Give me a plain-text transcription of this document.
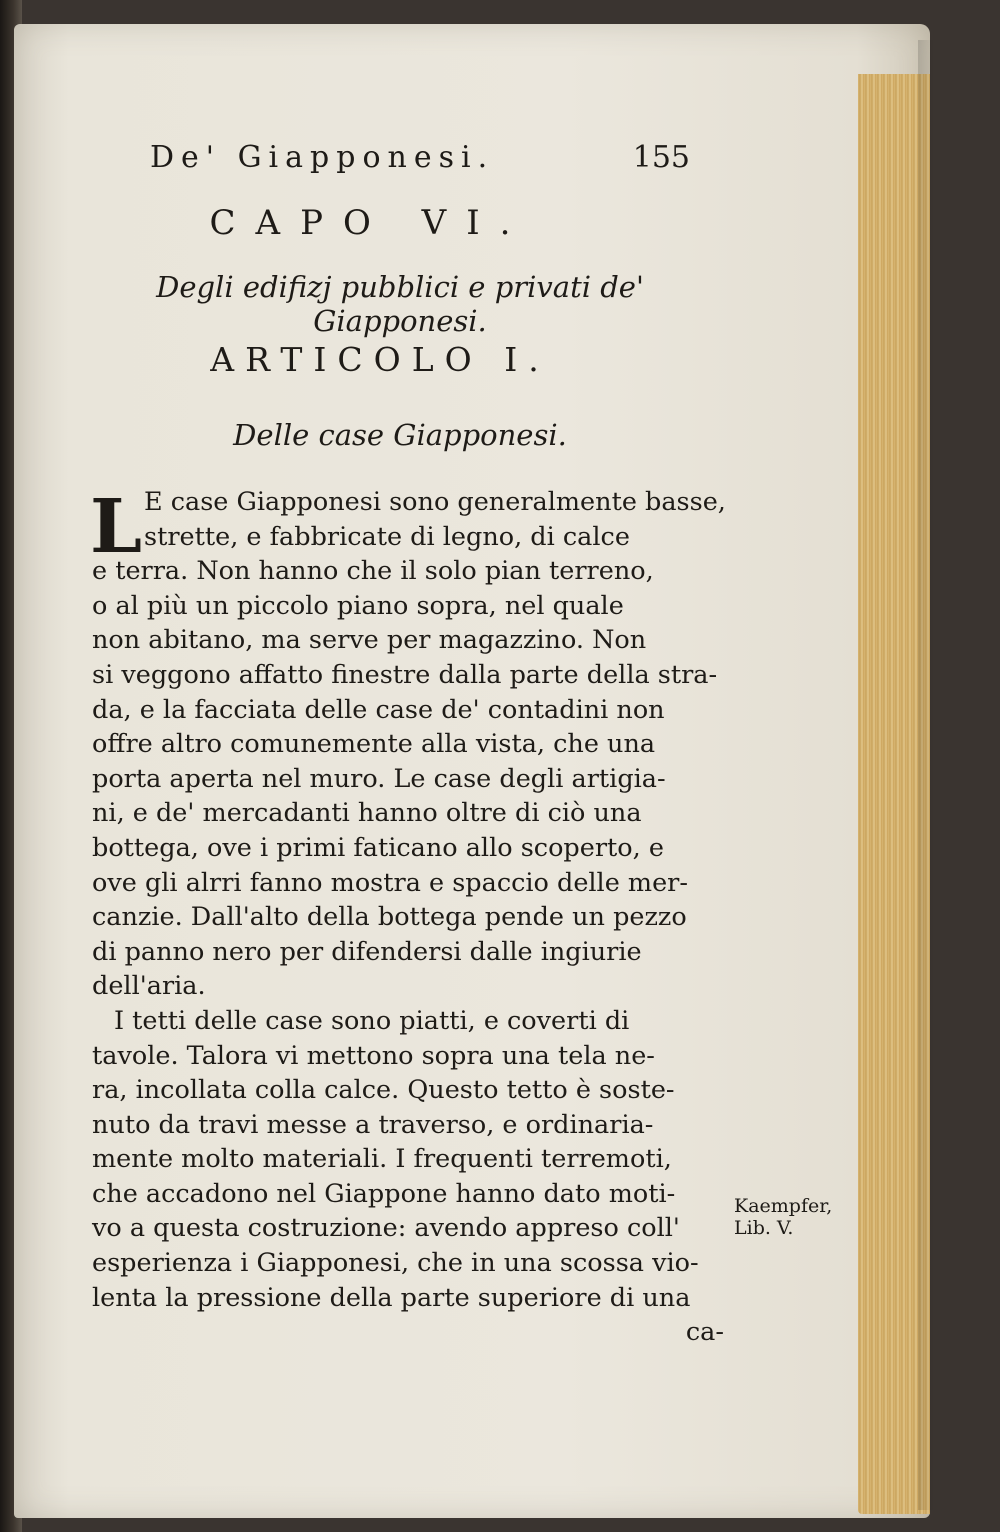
De' Giapponesi.	155
CAPO VI.
Degli edifizj pubblici e privati de' Giapponesi.
ARTICOLO I.
Delle case Giapponesi.
L E case Giapponesi sono generalmente basse,
strette, e fabbricate di legno, di calce
e terra. Non hanno che il solo pian terreno,
o al più un piccolo piano sopra, nel quale
non abitano, ma serve per magazzino. Non
si veggono affatto finestre dalla parte della stra-
da, e la facciata delle case de' contadini non
offre altro comunemente alla vista, che una
porta aperta nel muro. Le case degli artigia-
ni, e de' mercadanti hanno oltre di ciò una
bottega, ove i primi faticano allo scoperto, e
ove gli alrri fanno mostra e spaccio delle mer-
canzie. Dall'alto della bottega pende un pezzo
di panno nero per difendersi dalle ingiurie
dell'aria.
I tetti delle case sono piatti, e coverti di
tavole. Talora vi mettono sopra una tela ne-
ra, incollata colla calce. Questo tetto è soste-
nuto da travi messe a traverso, e ordinaria-
mente molto materiali. I frequenti terremoti,
che accadono nel Giappone hanno dato moti-
vo a questa costruzione: avendo appreso coll'
esperienza i Giapponesi, che in una scossa vio-
lenta la pressione della parte superiore di una
ca-
Kaempfer,
Lib. V.
